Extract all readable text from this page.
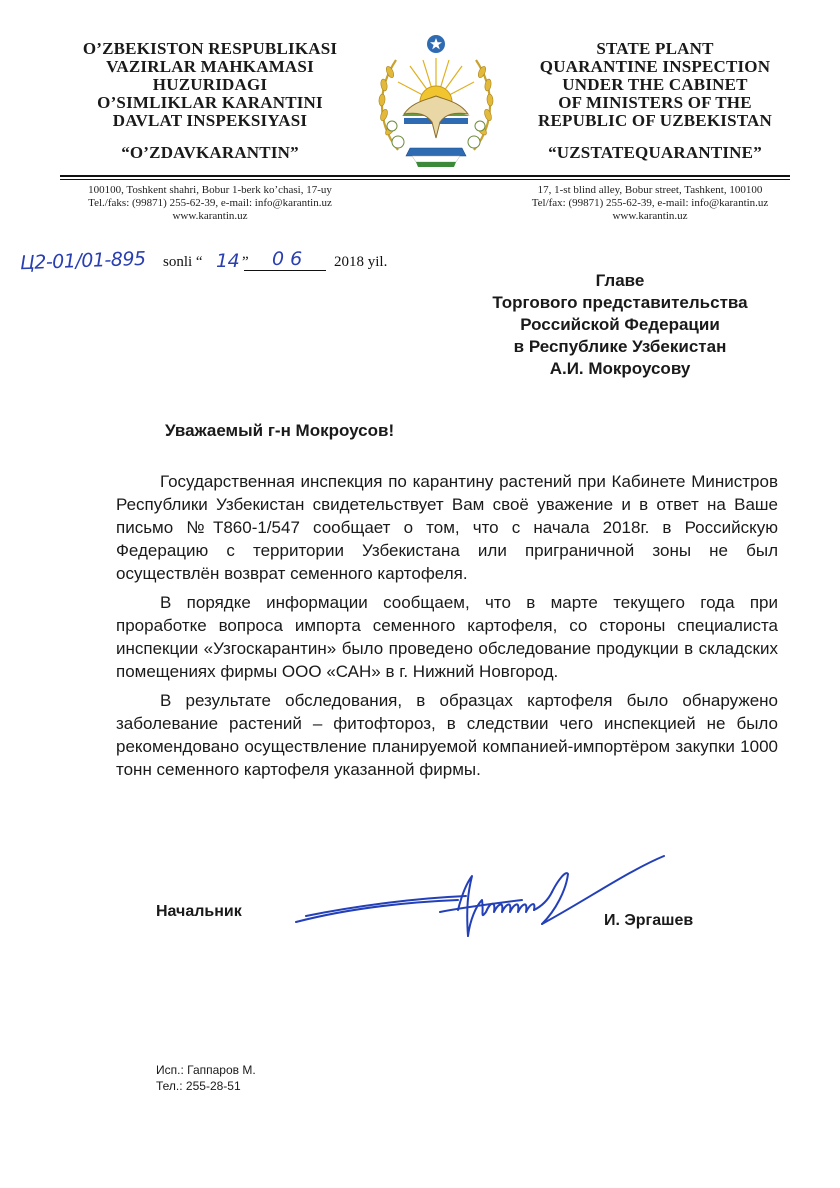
O’ZBEKISTON RESPUBLIKASI
VAZIRLAR MAHKAMASI
HUZURIDAGI
O’SIMLIKLAR KARANTINI
DAVLAT INSPEKSIYASI
“O’ZDAVKARANTIN”
STATE PLANT
QUARANTINE INSPECTION
UNDER THE CABINET
OF MINISTERS OF THE
REPUBLIC OF UZBEKISTAN
“UZSTATEQUARANTINE”
100100, Toshkent shahri, Bobur 1-berk ko’chasi, 17-uy
Tel./faks: (99871) 255-62-39, e-mail: info@karantin.uz
www.karantin.uz
17, 1-st blind alley, Bobur street, Tashkent, 100100
Tel/fax: (99871) 255-62-39, e-mail: info@karantin.uz
www.karantin.uz
Ц2-01/01-895 sonli “ 14 ” 06 2018 yil.
Главе
Торгового представительства
Российской Федерации
в Республике Узбекистан
А.И. Мокроусову
Уважаемый г-н Мокроусов!

Государственная инспекция по карантину растений при Кабинете Министров Республики Узбекистан свидетельствует Вам своё уважение и в ответ на Ваше письмо №Т860-1/547 сообщает о том, что с начала 2018г. в Российскую Федерацию с территории Узбекистана или приграничной зоны не был осуществлён возврат семенного картофеля.

В порядке информации сообщаем, что в марте текущего года при проработке вопроса импорта семенного картофеля, со стороны специалиста инспекции «Узгоскарантин» было проведено обследование продукции в складских помещениях фирмы ООО «САН» в г. Нижний Новгород.

В результате обследования, в образцах картофеля было обнаружено заболевание растений – фитофтороз, в следствии чего инспекцией не было рекомендовано осуществление планируемой компанией-импортёром закупки 1000 тонн семенного картофеля указанной фирмы.

Начальник
И. Эргашев
Исп.: Гаппаров М.
Тел.: 255-28-51
